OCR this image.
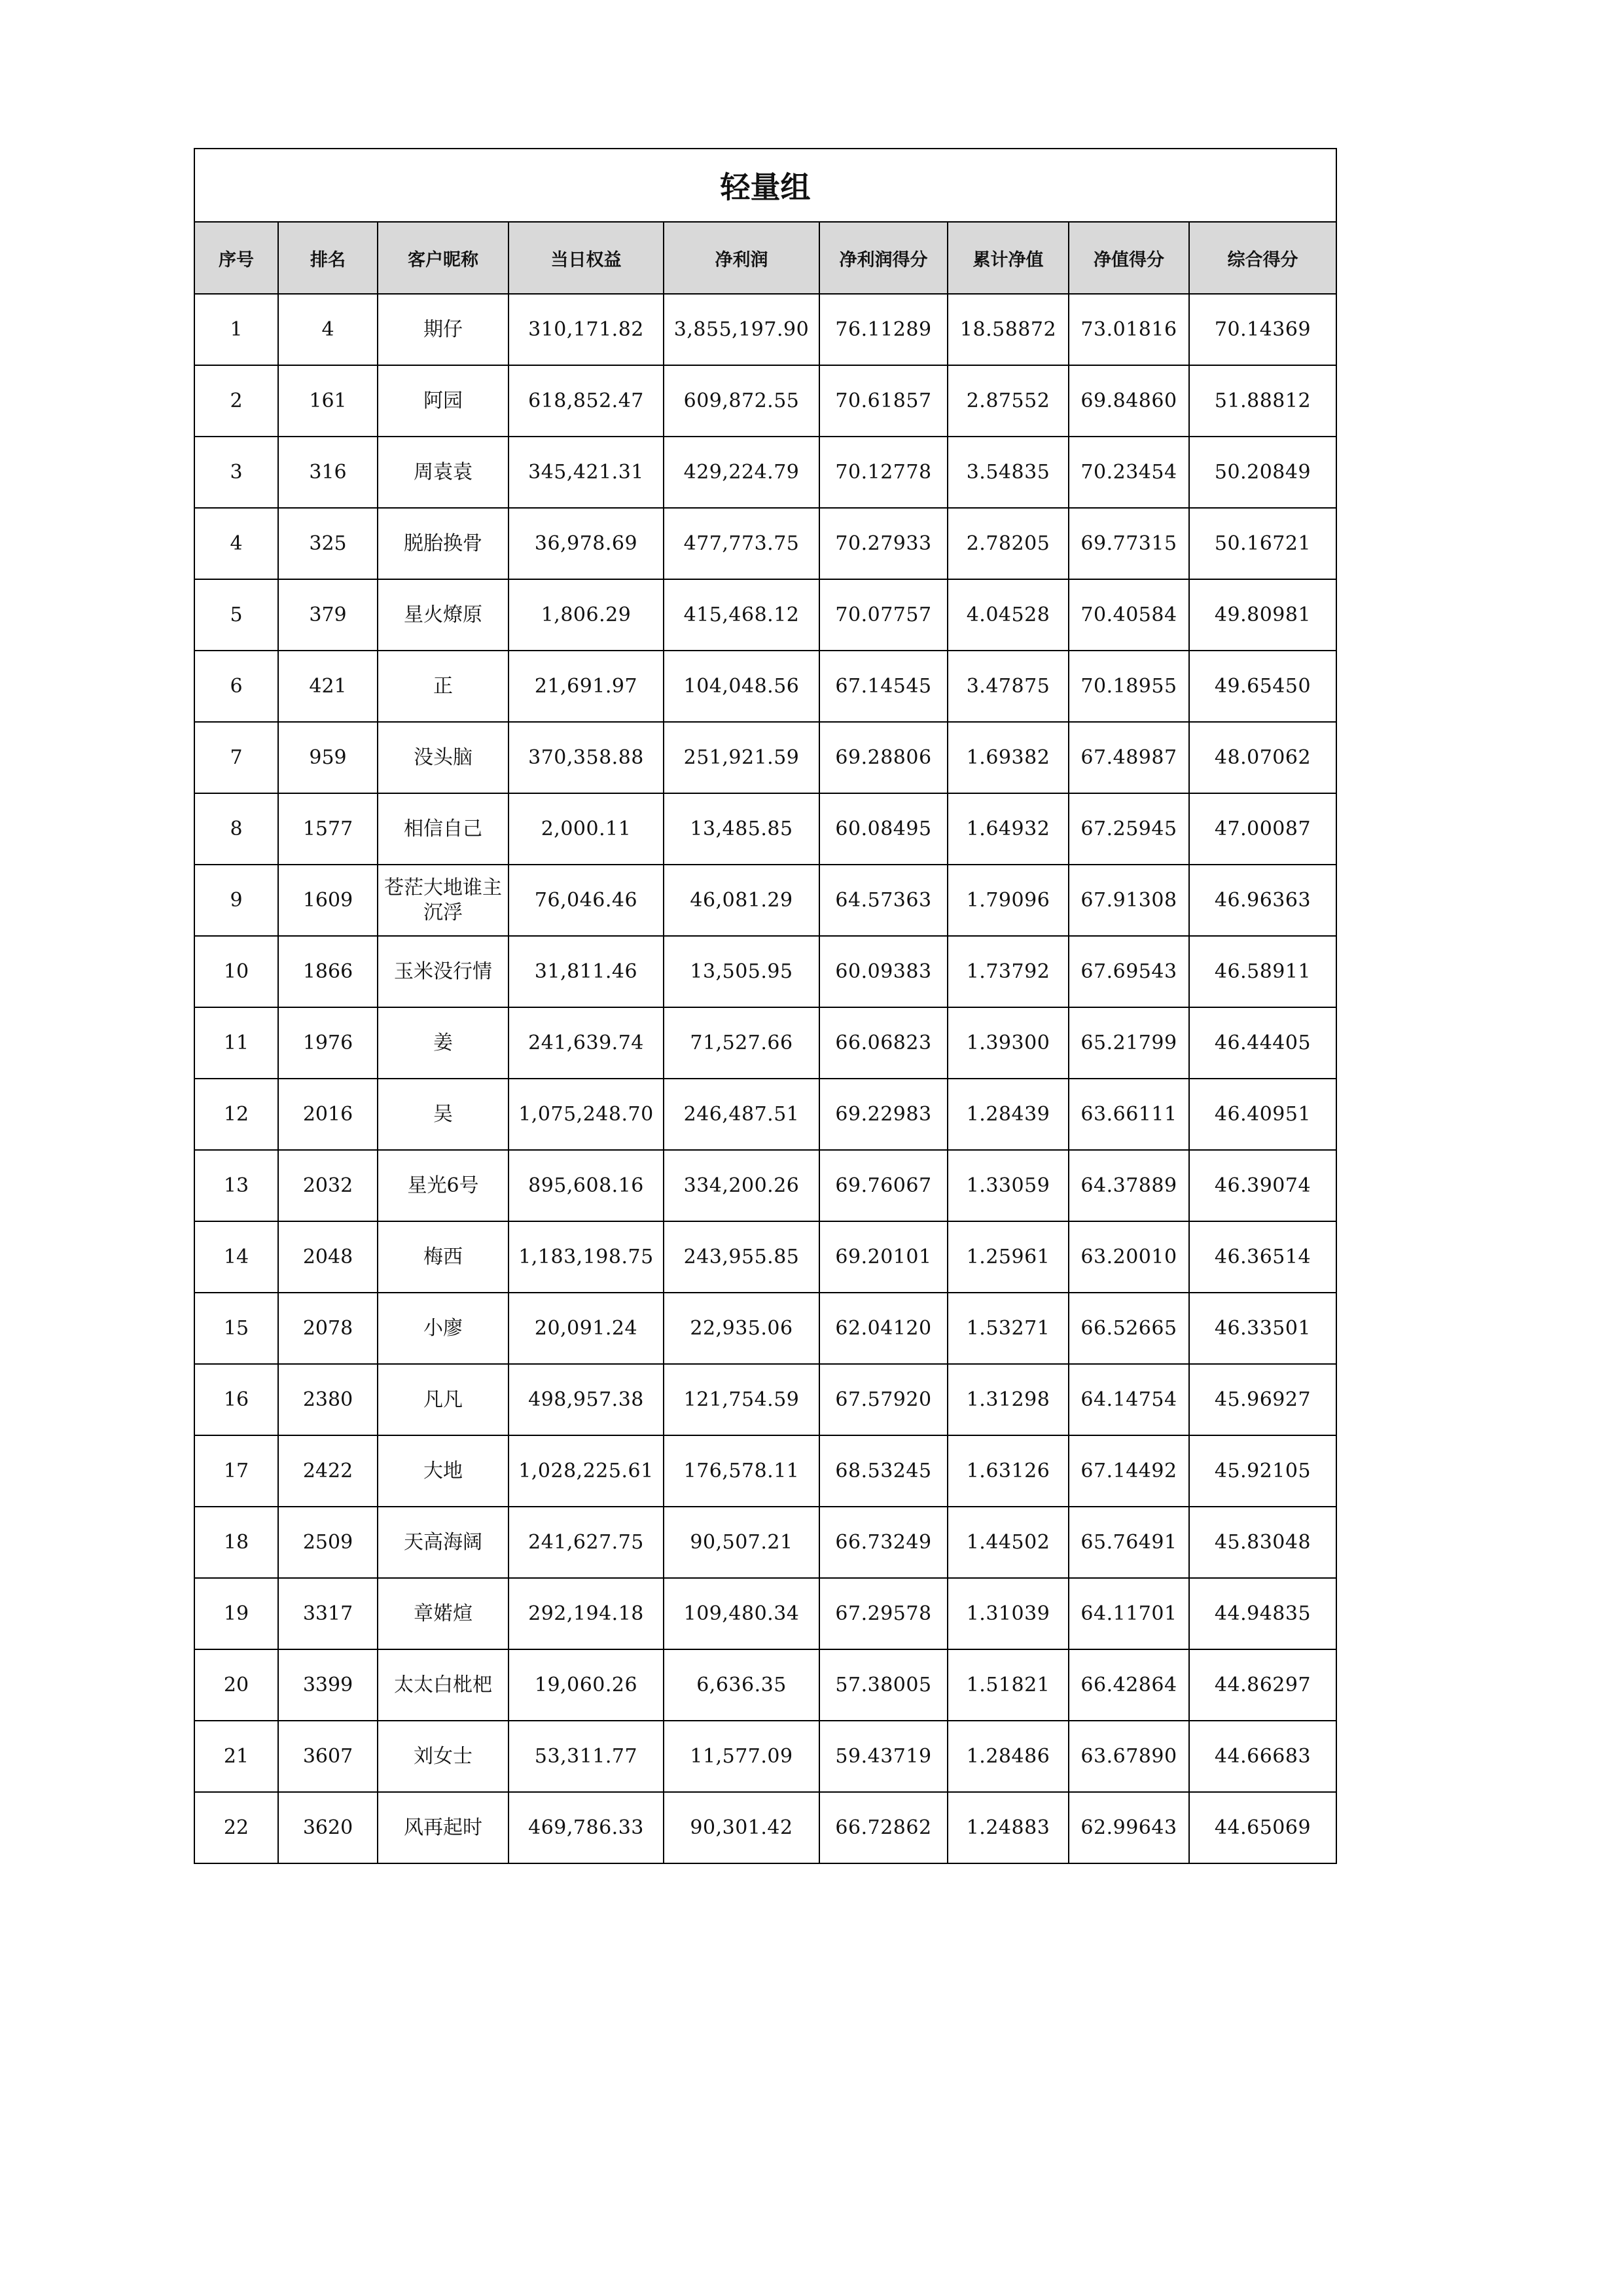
轻量组								
序号	排名	客户昵称	当日权益	净利润	净利润得分	累计净值	净值得分	综合得分
1	4	期仔	310,171.82	3,855,197.90	76.11289	18.58872	73.01816	70.14369
2	161	阿园	618,852.47	609,872.55	70.61857	2.87552	69.84860	51.88812
3	316	周袁袁	345,421.31	429,224.79	70.12778	3.54835	70.23454	50.20849
4	325	脱胎换骨	36,978.69	477,773.75	70.27933	2.78205	69.77315	50.16721
5	379	星火燎原	1,806.29	415,468.12	70.07757	4.04528	70.40584	49.80981
6	421	正	21,691.97	104,048.56	67.14545	3.47875	70.18955	49.65450
7	959	没头脑	370,358.88	251,921.59	69.28806	1.69382	67.48987	48.07062
8	1577	相信自己	2,000.11	13,485.85	60.08495	1.64932	67.25945	47.00087
9	1609	苍茫大地谁主沉浮	76,046.46	46,081.29	64.57363	1.79096	67.91308	46.96363
10	1866	玉米没行情	31,811.46	13,505.95	60.09383	1.73792	67.69543	46.58911
11	1976	姜	241,639.74	71,527.66	66.06823	1.39300	65.21799	46.44405
12	2016	吴	1,075,248.70	246,487.51	69.22983	1.28439	63.66111	46.40951
13	2032	星光6号	895,608.16	334,200.26	69.76067	1.33059	64.37889	46.39074
14	2048	梅西	1,183,198.75	243,955.85	69.20101	1.25961	63.20010	46.36514
15	2078	小廖	20,091.24	22,935.06	62.04120	1.53271	66.52665	46.33501
16	2380	凡凡	498,957.38	121,754.59	67.57920	1.31298	64.14754	45.96927
17	2422	大地	1,028,225.61	176,578.11	68.53245	1.63126	67.14492	45.92105
18	2509	天高海阔	241,627.75	90,507.21	66.73249	1.44502	65.76491	45.83048
19	3317	章婼煊	292,194.18	109,480.34	67.29578	1.31039	64.11701	44.94835
20	3399	太太白枇杷	19,060.26	6,636.35	57.38005	1.51821	66.42864	44.86297
21	3607	刘女士	53,311.77	11,577.09	59.43719	1.28486	63.67890	44.66683
22	3620	风再起时	469,786.33	90,301.42	66.72862	1.24883	62.99643	44.65069
